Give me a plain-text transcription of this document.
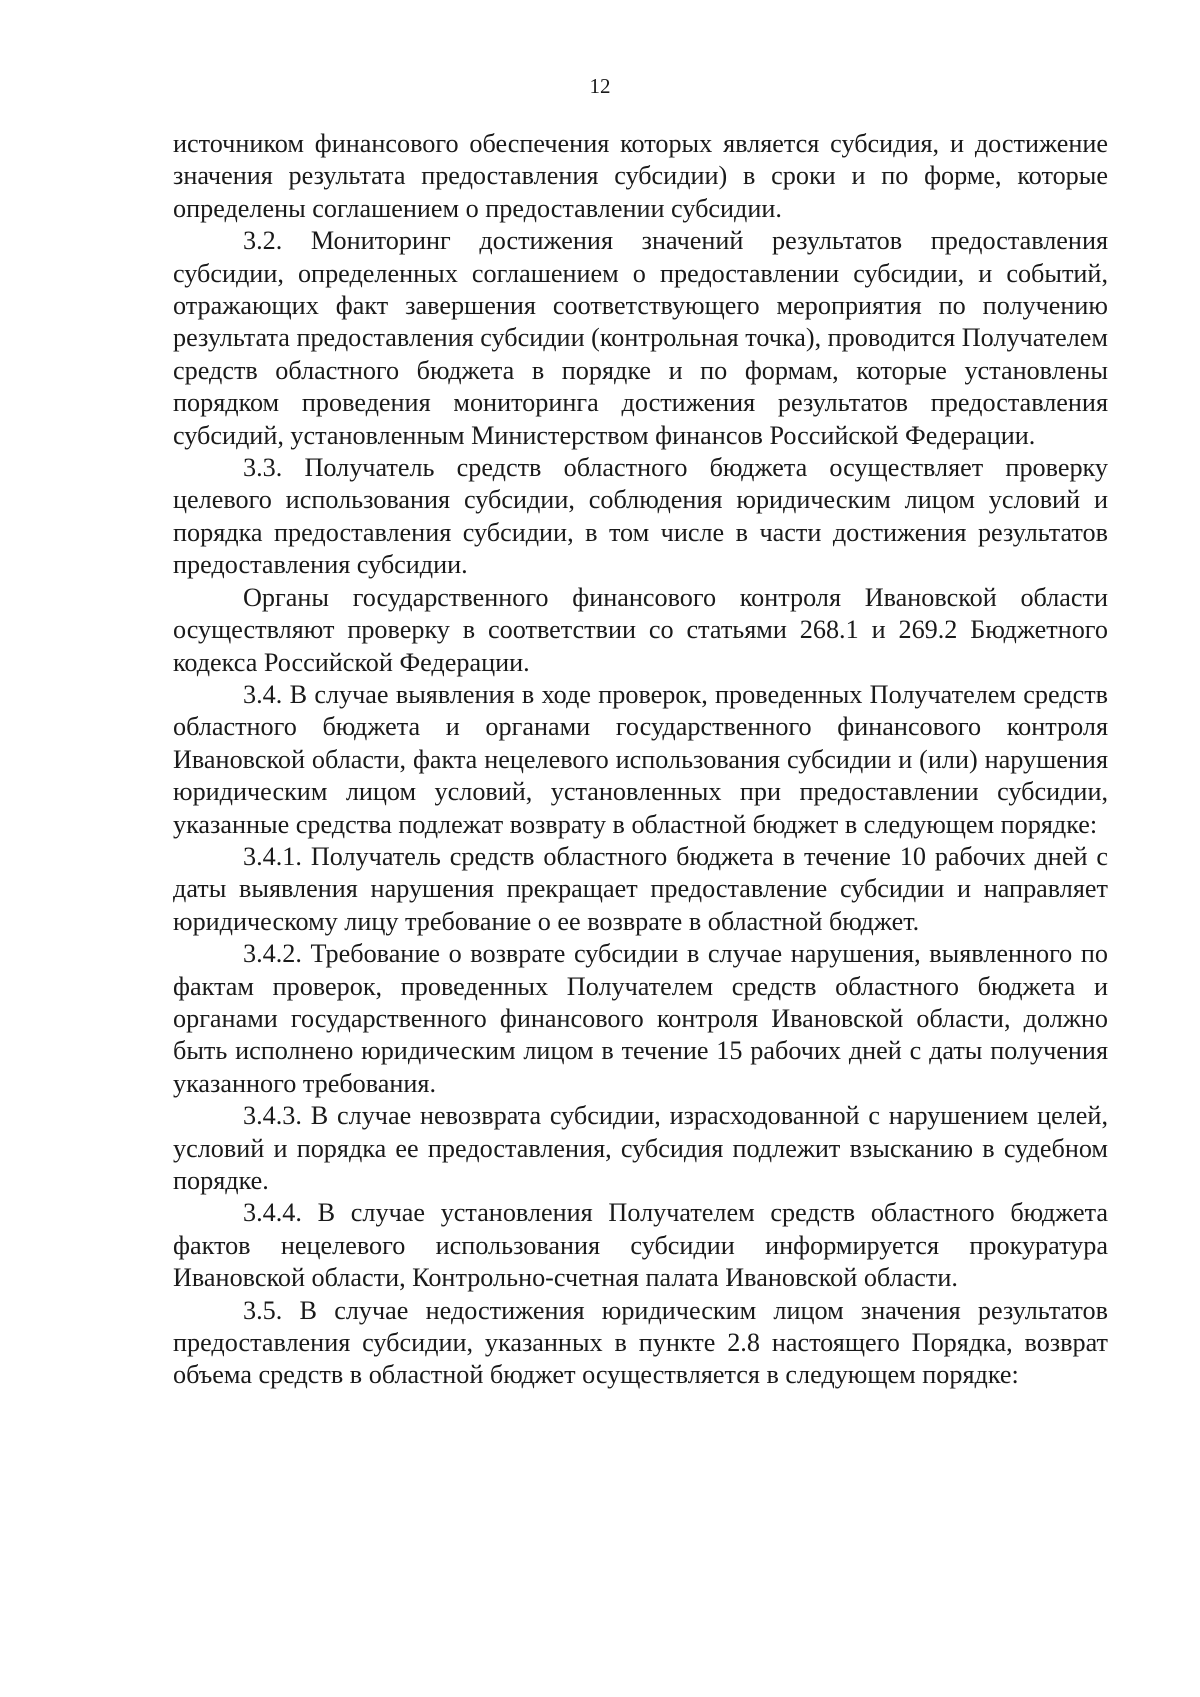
12

источником финансового обеспечения которых является субсидия, и достижение значения результата предоставления субсидии) в сроки и по форме, которые определены соглашением о предоставлении субсидии.

3.2. Мониторинг достижения значений результатов предоставления субсидии, определенных соглашением о предоставлении субсидии, и событий, отражающих факт завершения соответствующего мероприятия по получению результата предоставления субсидии (контрольная точка), проводится Получателем средств областного бюджета в порядке и по формам, которые установлены порядком проведения мониторинга достижения результатов предоставления субсидий, установленным Министерством финансов Российской Федерации.

3.3. Получатель средств областного бюджета осуществляет проверку целевого использования субсидии, соблюдения юридическим лицом условий и порядка предоставления субсидии, в том числе в части достижения результатов предоставления субсидии.

Органы государственного финансового контроля Ивановской области осуществляют проверку в соответствии со статьями 268.1 и 269.2 Бюджетного кодекса Российской Федерации.

3.4. В случае выявления в ходе проверок, проведенных Получателем средств областного бюджета и органами государственного финансового контроля Ивановской области, факта нецелевого использования субсидии и (или) нарушения юридическим лицом условий, установленных при предоставлении субсидии, указанные средства подлежат возврату в областной бюджет в следующем порядке:

3.4.1. Получатель средств областного бюджета в течение 10 рабочих дней с даты выявления нарушения прекращает предоставление субсидии и направляет юридическому лицу требование о ее возврате в областной бюджет.

3.4.2. Требование о возврате субсидии в случае нарушения, выявленного по фактам проверок, проведенных Получателем средств областного бюджета и органами государственного финансового контроля Ивановской области, должно быть исполнено юридическим лицом в течение 15 рабочих дней с даты получения указанного требования.

3.4.3. В случае невозврата субсидии, израсходованной с нарушением целей, условий и порядка ее предоставления, субсидия подлежит взысканию в судебном порядке.

3.4.4. В случае установления Получателем средств областного бюджета фактов нецелевого использования субсидии информируется прокуратура Ивановской области, Контрольно-счетная палата Ивановской области.

3.5. В случае недостижения юридическим лицом значения результатов предоставления субсидии, указанных в пункте 2.8 настоящего Порядка, возврат объема средств в областной бюджет осуществляется в следующем порядке:
